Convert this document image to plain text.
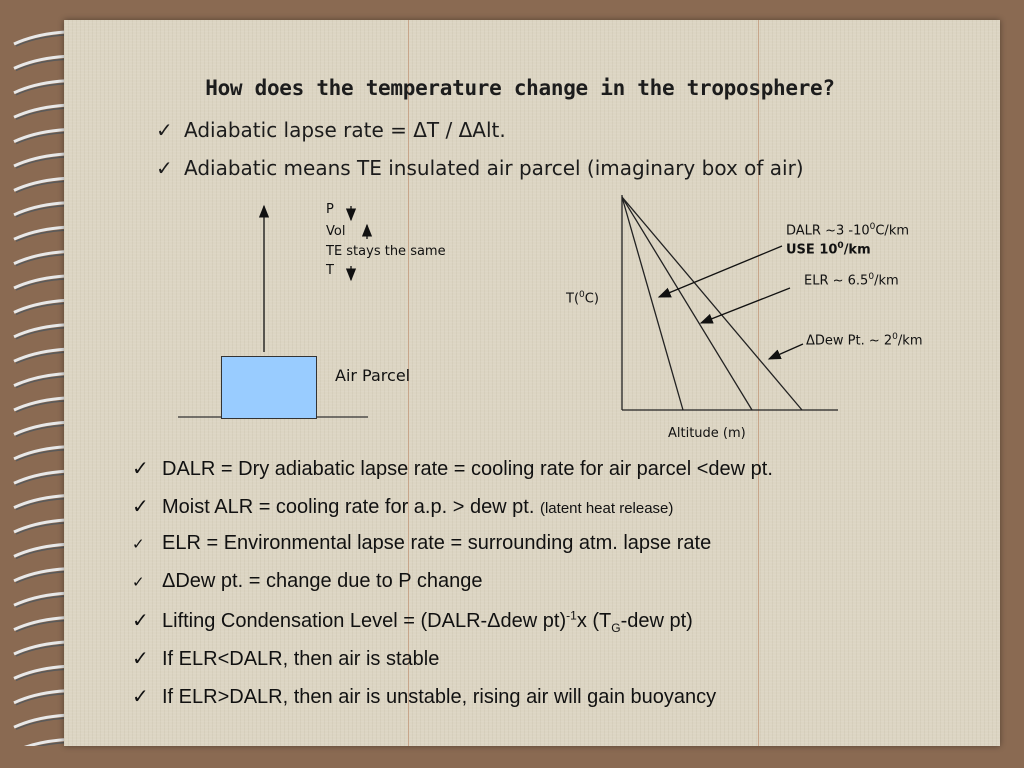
How does the temperature change in the troposphere?
✓ Adiabatic lapse rate = ΔT / ΔAlt.
✓ Adiabatic means TE insulated air parcel (imaginary box of air)
P
Vol
TE stays the same
T
Air Parcel
T($^0$C)
Altitude (m)
DALR ~3 $-10^0C/km$
USE $10^0/km$
ELR ~ $6.5^0/km$
ΔDew Pt. ~ $2^0/km$
✓ DALR = Dry adiabatic lapse rate = cooling rate for air parcel <dew pt.
✓ Moist ALR = cooling rate for a.p. > dew pt. (latent heat release)
✓ ELR = Environmental lapse rate = surrounding atm. lapse rate
✓ ΔDew pt. = change due to P change
✓ Lifting Condensation Level = (DALR-Δdew pt)$^{-1}$x ($T_G$-dew pt)
✓ If ELR<DALR, then air is stable
✓ If ELR>DALR, then air is unstable, rising air will gain buoyancy
